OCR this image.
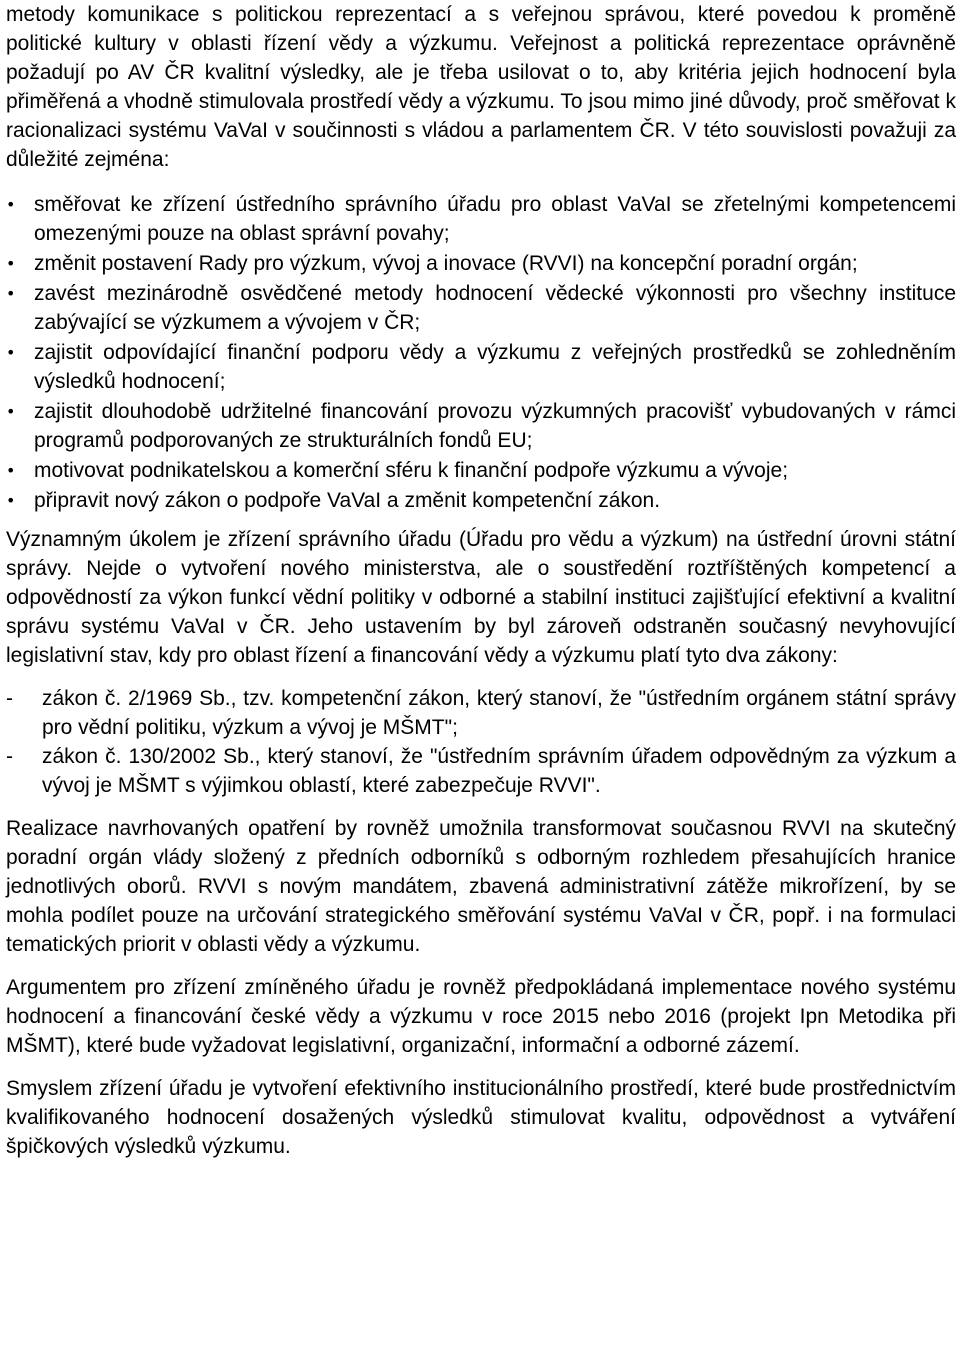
metody komunikace s politickou reprezentací a s veřejnou správou, které povedou k proměně politické kultury v oblasti řízení vědy a výzkumu. Veřejnost a politická reprezentace oprávněně požadují po AV ČR kvalitní výsledky, ale je třeba usilovat o to, aby kritéria jejich hodnocení byla přiměřená a vhodně stimulovala prostředí vědy a výzkumu. To jsou mimo jiné důvody, proč směřovat k racionalizaci systému VaVaI v součinnosti s vládou a parlamentem ČR. V této souvislosti považuji za důležité zejména:

• směřovat ke zřízení ústředního správního úřadu pro oblast VaVaI se zřetelnými kompetencemi omezenými pouze na oblast správní povahy;
• změnit postavení Rady pro výzkum, vývoj a inovace (RVVI) na koncepční poradní orgán;
• zavést mezinárodně osvědčené metody hodnocení vědecké výkonnosti pro všechny instituce zabývající se výzkumem a vývojem v ČR;
• zajistit odpovídající finanční podporu vědy a výzkumu z veřejných prostředků se zohledněním výsledků hodnocení;
• zajistit dlouhodobě udržitelné financování provozu výzkumných pracovišť vybudovaných v rámci programů podporovaných ze strukturálních fondů EU;
• motivovat podnikatelskou a komerční sféru k finanční podpoře výzkumu a vývoje;
• připravit nový zákon o podpoře VaVaI a změnit kompetenční zákon.

Významným úkolem je zřízení správního úřadu (Úřadu pro vědu a výzkum) na ústřední úrovni státní správy. Nejde o vytvoření nového ministerstva, ale o soustředění roztříštěných kompetencí a odpovědností za výkon funkcí vědní politiky v odborné a stabilní instituci zajišťující efektivní a kvalitní správu systému VaVaI v ČR. Jeho ustavením by byl zároveň odstraněn současný nevyhovující legislativní stav, kdy pro oblast řízení a financování vědy a výzkumu platí tyto dva zákony:

-	zákon č. 2/1969 Sb., tzv. kompetenční zákon, který stanoví, že "ústředním orgánem státní správy pro vědní politiku, výzkum a vývoj je MŠMT";
-	zákon č. 130/2002 Sb., který stanoví, že "ústředním správním úřadem odpovědným za výzkum a vývoj je MŠMT s výjimkou oblastí, které zabezpečuje RVVI".

Realizace navrhovaných opatření by rovněž umožnila transformovat současnou RVVI na skutečný poradní orgán vlády složený z předních odborníků s odborným rozhledem přesahujících hranice jednotlivých oborů. RVVI s novým mandátem, zbavená administrativní zátěže mikrořízení, by se mohla podílet pouze na určování strategického směřování systému VaVaI v ČR, popř. i na formulaci tematických priorit v oblasti vědy a výzkumu.

Argumentem pro zřízení zmíněného úřadu je rovněž předpokládaná implementace nového systému hodnocení a financování české vědy a výzkumu v roce 2015 nebo 2016 (projekt Ipn Metodika při MŠMT), které bude vyžadovat legislativní, organizační, informační a odborné zázemí.

Smyslem zřízení úřadu je vytvoření efektivního institucionálního prostředí, které bude prostřednictvím kvalifikovaného hodnocení dosažených výsledků stimulovat kvalitu, odpovědnost a vytváření špičkových výsledků výzkumu.
